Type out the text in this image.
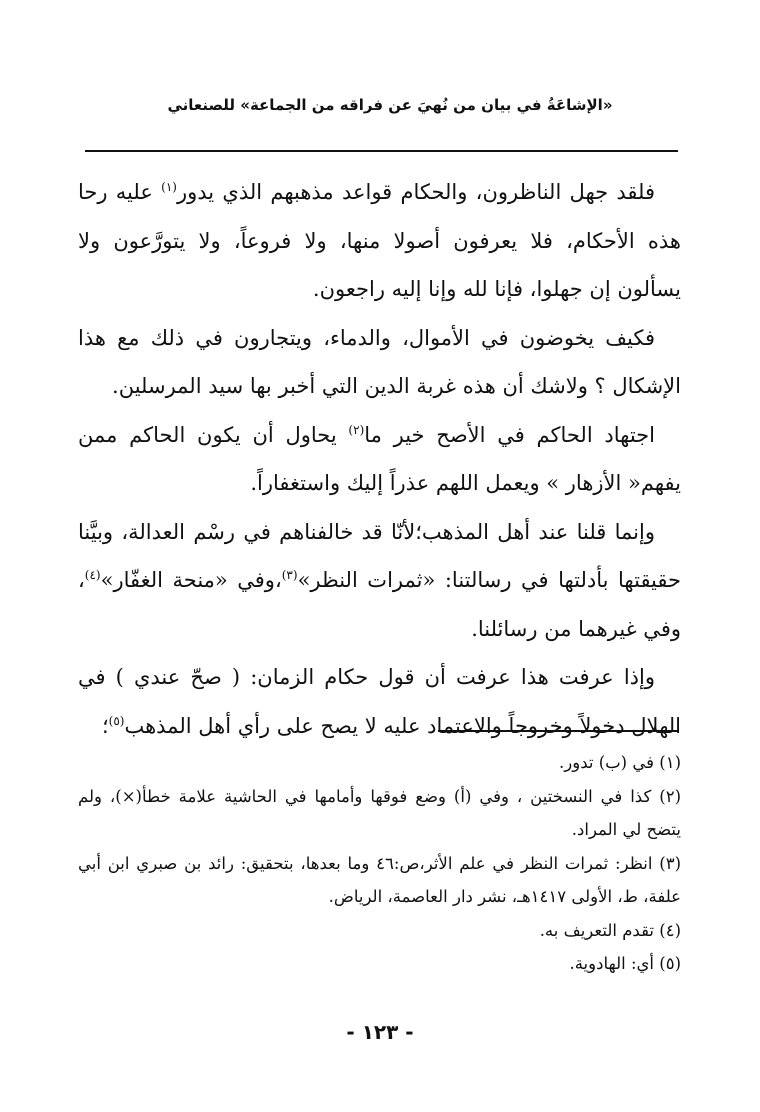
«الإشاعَةُ في بيان من نُهيَ عن فراقه من الجماعة» للصنعاني

فلقد جهل الناظرون، والحكام قواعد مذهبهم الذي يدور$^{(١)}$ عليه رحا هذه الأحكام، فلا يعرفون أصولا منها، ولا فروعاً، ولا يتورَّعون ولا يسألون إن جهلوا، فإنا لله وإنا إليه راجعون.

فكيف يخوضون في الأموال، والدماء، ويتجارون في ذلك مع هذا الإشكال ؟ ولاشك أن هذه غربة الدين التي أخبر بها سيد المرسلين.

اجتهاد الحاكم في الأصح خير ما$^{(٢)}$ يحاول أن يكون الحاكم ممن يفهم« الأزهار » ويعمل اللهم عذراً إليك واستغفاراً.

وإنما قلنا عند أهل المذهب؛لأنّا قد خالفناهم في رسْم العدالة، وبيَّنا حقيقتها بأدلتها في رسالتنا: «ثمرات النظر»$^{(٣)}$،وفي «منحة الغفّار»$^{(٤)}$، وفي غيرهما من رسائلنا.

وإذا عرفت هذا عرفت أن قول حكام الزمان: ( صحّ عندي ) في الهلال دخولاً وخروجاً والاعتماد عليه لا يصح على رأي أهل المذهب$^{(٥)}$؛

(١) في (ب) تدور.

(٢) كذا في النسختين ، وفي (أ) وضع فوقها وأمامها في الحاشية علامة خطأ(×)، ولم يتضح لي المراد.

(٣) انظر: ثمرات النظر في علم الأثر،ص:٤٦ وما بعدها، بتحقيق: رائد بن صبري ابن أبي علفة، ط، الأولى ١٤١٧هـ، نشر دار العاصمة، الرياض.

(٤) تقدم التعريف به.

(٥) أي: الهادوية.

- ١٢٣ -
